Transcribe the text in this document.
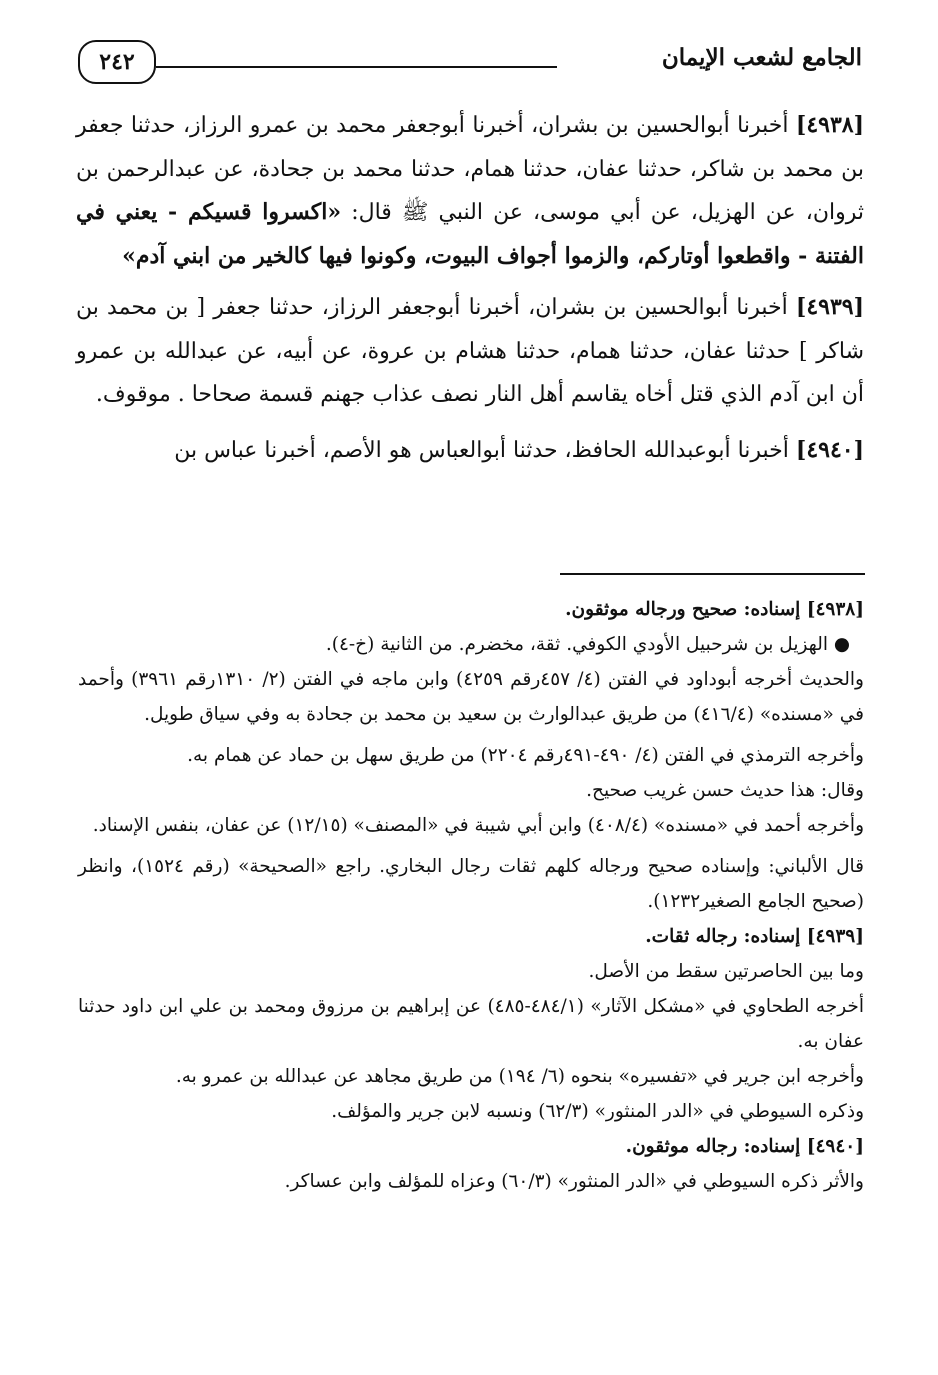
الجامع لشعب الإيمان
٢٤٢

[٤٩٣٨] أخبرنا أبوالحسين بن بشران، أخبرنا أبوجعفر محمد بن عمرو الرزاز، حدثنا جعفر بن محمد بن شاكر، حدثنا عفان، حدثنا همام، حدثنا محمد بن جحادة، عن عبدالرحمن بن ثروان، عن الهزيل، عن أبي موسى، عن النبي ﷺ قال: «اكسروا قسيكم - يعني في الفتنة - واقطعوا أوتاركم، والزموا أجواف البيوت، وكونوا فيها كالخير من ابني آدم»

[٤٩٣٩] أخبرنا أبوالحسين بن بشران، أخبرنا أبوجعفر الرزاز، حدثنا جعفر [ بن محمد بن شاكر ] حدثنا عفان، حدثنا همام، حدثنا هشام بن عروة، عن أبيه، عن عبدالله بن عمرو أن ابن آدم الذي قتل أخاه يقاسم أهل النار نصف عذاب جهنم قسمة صحاحا . موقوف.

[٤٩٤٠] أخبرنا أبوعبدالله الحافظ، حدثنا أبوالعباس هو الأصم، أخبرنا عباس بن

[٤٩٣٨] إسناده: صحيح ورجاله موثقون.

● الهزيل بن شرحبيل الأودي الكوفي. ثقة، مخضرم. من الثانية (خ-٤).

والحديث أخرجه أبوداود في الفتن (٤/ ٤٥٧رقم ٤٢٥٩) وابن ماجه في الفتن (٢/ ١٣١٠رقم ٣٩٦١) وأحمد في «مسنده» (٤١٦/٤) من طريق عبدالوارث بن سعيد بن محمد بن جحادة به وفي سياق طويل.

وأخرجه الترمذي في الفتن (٤/ ٤٩٠-٤٩١رقم ٢٢٠٤) من طريق سهل بن حماد عن همام به.

وقال: هذا حديث حسن غريب صحيح.

وأخرجه أحمد في «مسنده» (٤٠٨/٤) وابن أبي شيبة في «المصنف» (١٢/١٥) عن عفان، بنفس الإسناد.

قال الألباني: وإسناده صحيح ورجاله كلهم ثقات رجال البخاري. راجع «الصحيحة» (رقم ١٥٢٤)، وانظر (صحيح الجامع الصغير١٢٣٢).

[٤٩٣٩] إسناده: رجاله ثقات.

وما بين الحاصرتين سقط من الأصل.

أخرجه الطحاوي في «مشكل الآثار» (٤٨٤/١-٤٨٥) عن إبراهيم بن مرزوق ومحمد بن علي ابن داود حدثنا عفان به.

وأخرجه ابن جرير في «تفسيره» بنحوه (٦/ ١٩٤) من طريق مجاهد عن عبدالله بن عمرو به.

وذكره السيوطي في «الدر المنثور» (٦٢/٣) ونسبه لابن جرير والمؤلف.

[٤٩٤٠] إسناده: رجاله موثقون.

والأثر ذكره السيوطي في «الدر المنثور» (٦٠/٣) وعزاه للمؤلف وابن عساكر.
